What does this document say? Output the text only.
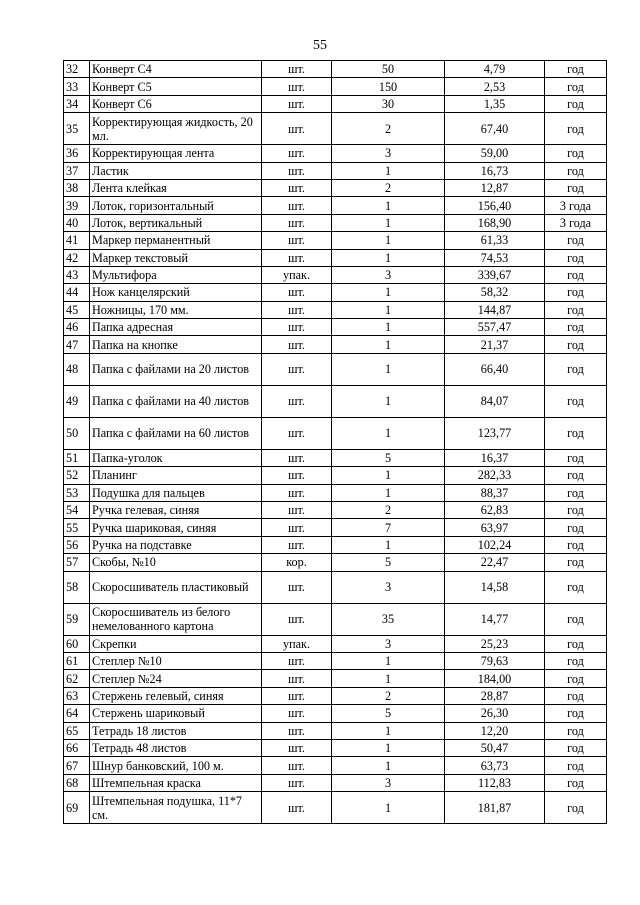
55
32	Конверт С4	шт.	50	4,79	год
33	Конверт С5	шт.	150	2,53	год
34	Конверт С6	шт.	30	1,35	год
35	Корректирующая жидкость, 20 мл.	шт.	2	67,40	год
36	Корректирующая лента	шт.	3	59,00	год
37	Ластик	шт.	1	16,73	год
38	Лента клейкая	шт.	2	12,87	год
39	Лоток, горизонтальный	шт.	1	156,40	3 года
40	Лоток, вертикальный	шт.	1	168,90	3 года
41	Маркер перманентный	шт.	1	61,33	год
42	Маркер текстовый	шт.	1	74,53	год
43	Мультифора	упак.	3	339,67	год
44	Нож канцелярский	шт.	1	58,32	год
45	Ножницы, 170 мм.	шт.	1	144,87	год
46	Папка адресная	шт.	1	557,47	год
47	Папка на кнопке	шт.	1	21,37	год
48	Папка с файлами на 20 листов	шт.	1	66,40	год
49	Папка с файлами на 40 листов	шт.	1	84,07	год
50	Папка с файлами на 60 листов	шт.	1	123,77	год
51	Папка-уголок	шт.	5	16,37	год
52	Планинг	шт.	1	282,33	год
53	Подушка для пальцев	шт.	1	88,37	год
54	Ручка гелевая, синяя	шт.	2	62,83	год
55	Ручка шариковая, синяя	шт.	7	63,97	год
56	Ручка на подставке	шт.	1	102,24	год
57	Скобы, №10	кор.	5	22,47	год
58	Скоросшиватель пластиковый	шт.	3	14,58	год
59	Скоросшиватель из белого немелованного картона	шт.	35	14,77	год
60	Скрепки	упак.	3	25,23	год
61	Степлер №10	шт.	1	79,63	год
62	Степлер №24	шт.	1	184,00	год
63	Стержень гелевый, синяя	шт.	2	28,87	год
64	Стержень шариковый	шт.	5	26,30	год
65	Тетрадь 18 листов	шт.	1	12,20	год
66	Тетрадь 48 листов	шт.	1	50,47	год
67	Шнур банковский, 100 м.	шт.	1	63,73	год
68	Штемпельная краска	шт.	3	112,83	год
69	Штемпельная подушка, 11*7 см.	шт.	1	181,87	год
